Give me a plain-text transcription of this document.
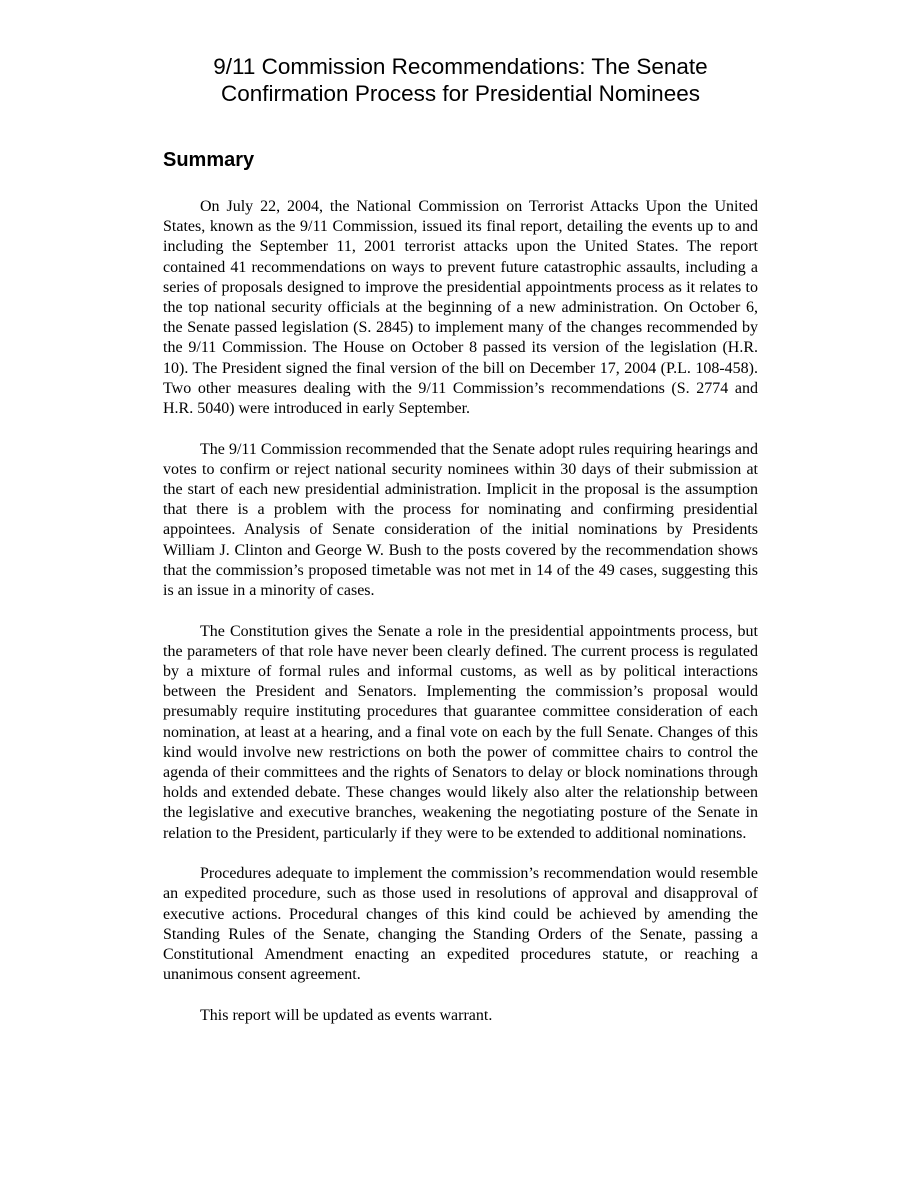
9/11 Commission Recommendations: The Senate
Confirmation Process for Presidential Nominees
Summary

On July 22, 2004, the National Commission on Terrorist Attacks Upon the United States, known as the 9/11 Commission, issued its final report, detailing the events up to and including the September 11, 2001 terrorist attacks upon the United States. The report contained 41 recommendations on ways to prevent future catastrophic assaults, including a series of proposals designed to improve the presidential appointments process as it relates to the top national security officials at the beginning of a new administration. On October 6, the Senate passed legislation (S. 2845) to implement many of the changes recommended by the 9/11 Commission. The House on October 8 passed its version of the legislation (H.R. 10). The President signed the final version of the bill on December 17, 2004 (P.L. 108-458). Two other measures dealing with the 9/11 Commission’s recommendations (S. 2774 and H.R. 5040) were introduced in early September.

The 9/11 Commission recommended that the Senate adopt rules requiring hearings and votes to confirm or reject national security nominees within 30 days of their submission at the start of each new presidential administration. Implicit in the proposal is the assumption that there is a problem with the process for nominating and confirming presidential appointees. Analysis of Senate consideration of the initial nominations by Presidents William J. Clinton and George W. Bush to the posts covered by the recommendation shows that the commission’s proposed timetable was not met in 14 of the 49 cases, suggesting this is an issue in a minority of cases.

The Constitution gives the Senate a role in the presidential appointments process, but the parameters of that role have never been clearly defined. The current process is regulated by a mixture of formal rules and informal customs, as well as by political interactions between the President and Senators. Implementing the commission’s proposal would presumably require instituting procedures that guarantee committee consideration of each nomination, at least at a hearing, and a final vote on each by the full Senate. Changes of this kind would involve new restrictions on both the power of committee chairs to control the agenda of their committees and the rights of Senators to delay or block nominations through holds and extended debate. These changes would likely also alter the relationship between the legislative and executive branches, weakening the negotiating posture of the Senate in relation to the President, particularly if they were to be extended to additional nominations.

Procedures adequate to implement the commission’s recommendation would resemble an expedited procedure, such as those used in resolutions of approval and disapproval of executive actions. Procedural changes of this kind could be achieved by amending the Standing Rules of the Senate, changing the Standing Orders of the Senate, passing a Constitutional Amendment enacting an expedited procedures statute, or reaching a unanimous consent agreement.

This report will be updated as events warrant.
